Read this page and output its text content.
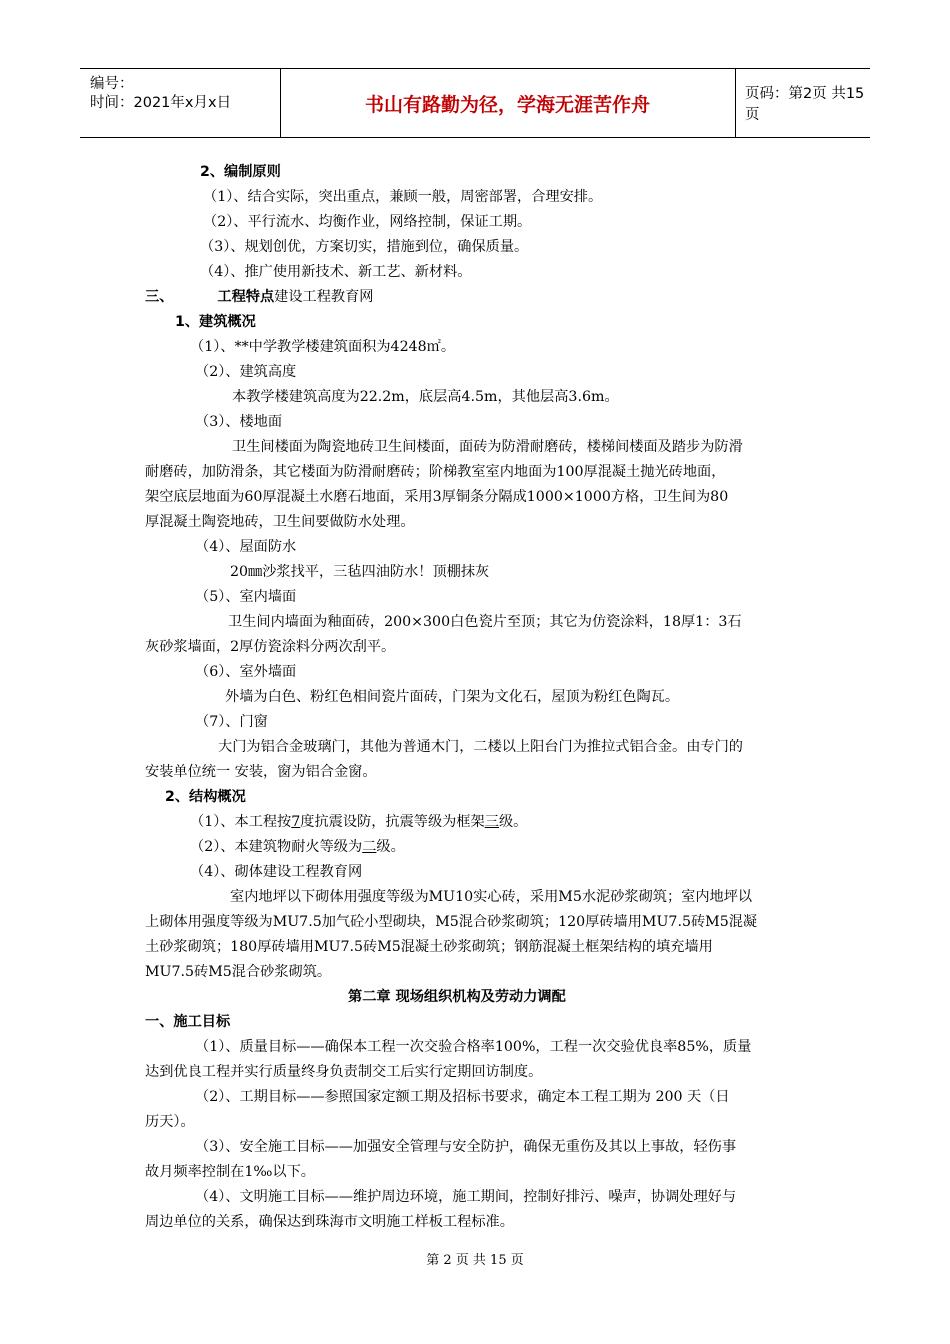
编号：
时间：2021年x月x日	书山有路勤为径，学海无涯苦作舟	页码：第2页 共15页
2、编制原则
（1）、结合实际，突出重点，兼顾一般，周密部署，合理安排。
（2）、平行流水、均衡作业，网络控制，保证工期。
（3）、规划创优，方案切实，措施到位，确保质量。
（4）、推广使用新技术、新工艺、新材料。
三、	工程特点建设工程教育网
1、建筑概况
（1）、**中学教学楼建筑面积为4248㎡。
（2）、建筑高度
本教学楼建筑高度为22.2m，底层高4.5m，其他层高3.6m。
（3）、楼地面
卫生间楼面为陶瓷地砖卫生间楼面，面砖为防滑耐磨砖，楼梯间楼面及踏步为防滑
耐磨砖，加防滑条，其它楼面为防滑耐磨砖；阶梯教室室内地面为100厚混凝土抛光砖地面，
架空底层地面为60厚混凝土水磨石地面，采用3厚铜条分隔成1000×1000方格，卫生间为80
厚混凝土陶瓷地砖，卫生间要做防水处理。
（4）、屋面防水
20㎜沙浆找平，三毡四油防水！顶棚抹灰
（5）、室内墙面
卫生间内墙面为釉面砖，200×300白色瓷片至顶；其它为仿瓷涂料，18厚1：3石
灰砂浆墙面，2厚仿瓷涂料分两次刮平。
（6）、室外墙面
外墙为白色、粉红色相间瓷片面砖，门架为文化石，屋顶为粉红色陶瓦。
（7）、门窗
大门为铝合金玻璃门，其他为普通木门，二楼以上阳台门为推拉式铝合金。由专门的
安装单位统一 安装，窗为铝合金窗。
2、结构概况
（1）、本工程按7度抗震设防，抗震等级为框架三级。
（2）、本建筑物耐火等级为二级。
（4）、砌体建设工程教育网
室内地坪以下砌体用强度等级为MU10实心砖，采用M5水泥砂浆砌筑；室内地坪以
上砌体用强度等级为MU7.5加气砼小型砌块，M5混合砂浆砌筑；120厚砖墙用MU7.5砖M5混凝
土砂浆砌筑；180厚砖墙用MU7.5砖M5混凝土砂浆砌筑；钢筋混凝土框架结构的填充墙用
MU7.5砖M5混合砂浆砌筑。
第二章 现场组织机构及劳动力调配
一、施工目标
（1）、质量目标——确保本工程一次交验合格率100%，工程一次交验优良率85%，质量
达到优良工程并实行质量终身负责制交工后实行定期回访制度。
（2）、工期目标——参照国家定额工期及招标书要求，确定本工程工期为 200 天（日
历天）。
（3）、安全施工目标——加强安全管理与安全防护，确保无重伤及其以上事故，轻伤事
故月频率控制在1‰以下。
（4）、文明施工目标——维护周边环境，施工期间，控制好排污、噪声，协调处理好与
周边单位的关系，确保达到珠海市文明施工样板工程标准。
第 2 页 共 15 页
